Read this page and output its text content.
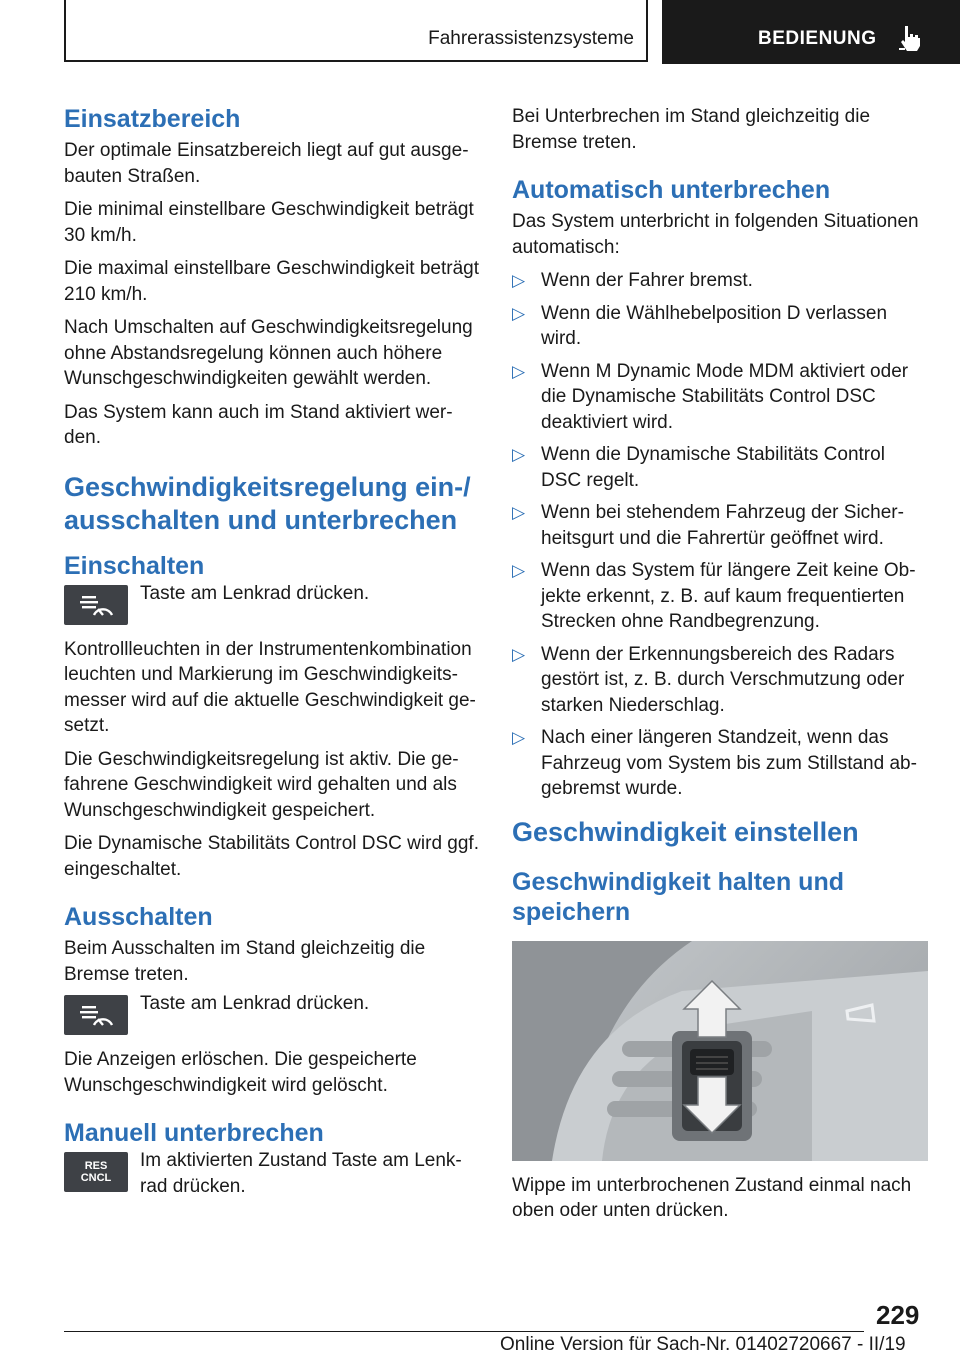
Fahrerassistenzsysteme	BEDIENUNG
Einsatzbereich

Der optimale Einsatzbereich liegt auf gut ausgebauten Straßen.

Die minimal einstellbare Geschwindigkeit beträgt 30 km/h.

Die maximal einstellbare Geschwindigkeit beträgt 210 km/h.

Nach Umschalten auf Geschwindigkeitsregelung ohne Abstandsregelung können auch höhere Wunschgeschwindigkeiten gewählt werden.

Das System kann auch im Stand aktiviert werden.

Geschwindigkeitsregelung ein-/ ausschalten und unterbrechen
Einschalten
Taste am Lenkrad drücken.

Kontrollleuchten in der Instrumentenkombination leuchten und Markierung im Geschwindigkeitsmesser wird auf die aktuelle Geschwindigkeit gesetzt.

Die Geschwindigkeitsregelung ist aktiv. Die gefahrene Geschwindigkeit wird gehalten und als Wunschgeschwindigkeit gespeichert.

Die Dynamische Stabilitäts Control DSC wird ggf. eingeschaltet.

Ausschalten

Beim Ausschalten im Stand gleichzeitig die Bremse treten.

Taste am Lenkrad drücken.

Die Anzeigen erlöschen. Die gespeicherte Wunschgeschwindigkeit wird gelöscht.

Manuell unterbrechen
RES
CNCL
Im aktivierten Zustand Taste am Lenkrad drücken.

Bei Unterbrechen im Stand gleichzeitig die Bremse treten.

Automatisch unterbrechen

Das System unterbricht in folgenden Situationen automatisch:

▷ Wenn der Fahrer bremst.
▷ Wenn die Wählhebelposition D verlassen wird.
▷ Wenn M Dynamic Mode MDM aktiviert oder die Dynamische Stabilitäts Control DSC deaktiviert wird.
▷ Wenn die Dynamische Stabilitäts Control DSC regelt.
▷ Wenn bei stehendem Fahrzeug der Sicherheitsgurt und die Fahrertür geöffnet wird.
▷ Wenn das System für längere Zeit keine Objekte erkennt, z. B. auf kaum frequentierten Strecken ohne Randbegrenzung.
▷ Wenn der Erkennungsbereich des Radars gestört ist, z. B. durch Verschmutzung oder starken Niederschlag.
▷ Nach einer längeren Standzeit, wenn das Fahrzeug vom System bis zum Stillstand abgebremst wurde.
Geschwindigkeit einstellen
Geschwindigkeit halten und speichern

Wippe im unterbrochenen Zustand einmal nach oben oder unten drücken.

229
Online Version für Sach-Nr. 01402720667 - II/19
